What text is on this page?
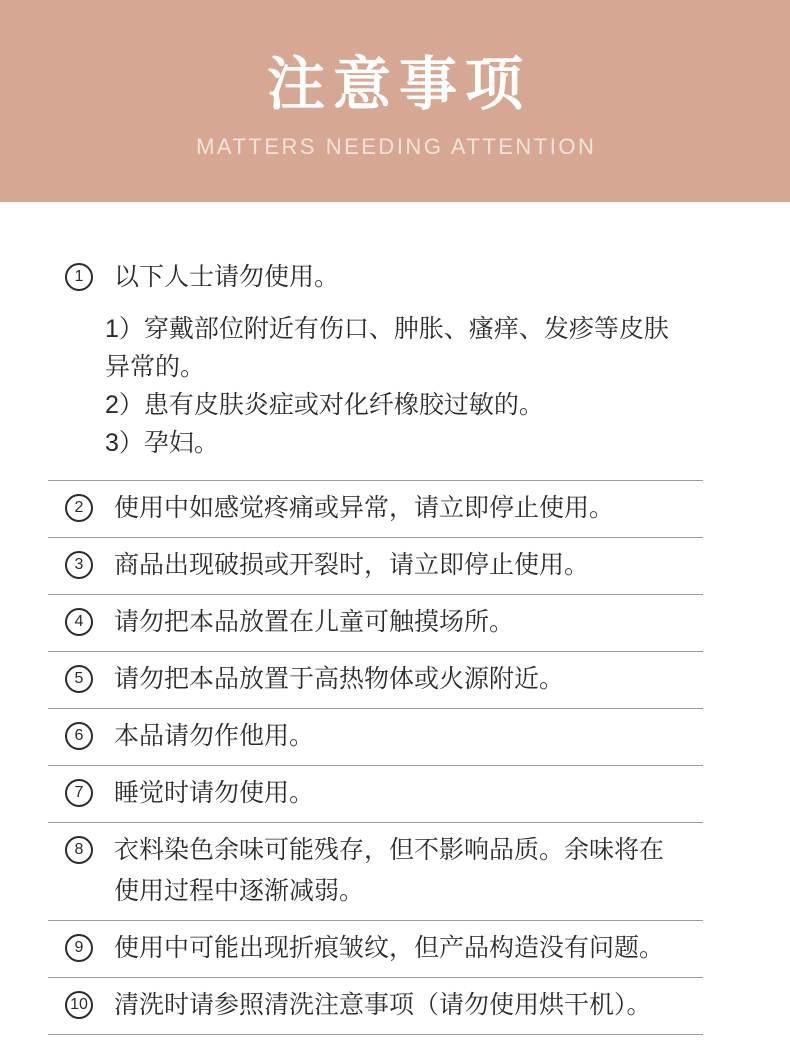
注意事项
MATTERS NEEDING ATTENTION
1	以下人士请勿使用。

1）穿戴部位附近有伤口、肿胀、瘙痒、发疹等皮肤异常的。

2）患有皮肤炎症或对化纤橡胶过敏的。

3）孕妇。

2	使用中如感觉疼痛或异常，请立即停止使用。

3	商品出现破损或开裂时，请立即停止使用。

4	请勿把本品放置在儿童可触摸场所。

5	请勿把本品放置于高热物体或火源附近。

6	本品请勿作他用。

7	睡觉时请勿使用。

8	衣料染色余味可能残存，但不影响品质。余味将在使用过程中逐渐减弱。

9	使用中可能出现折痕皱纹，但产品构造没有问题。

10 清洗时请参照清洗注意事项（请勿使用烘干机）。
